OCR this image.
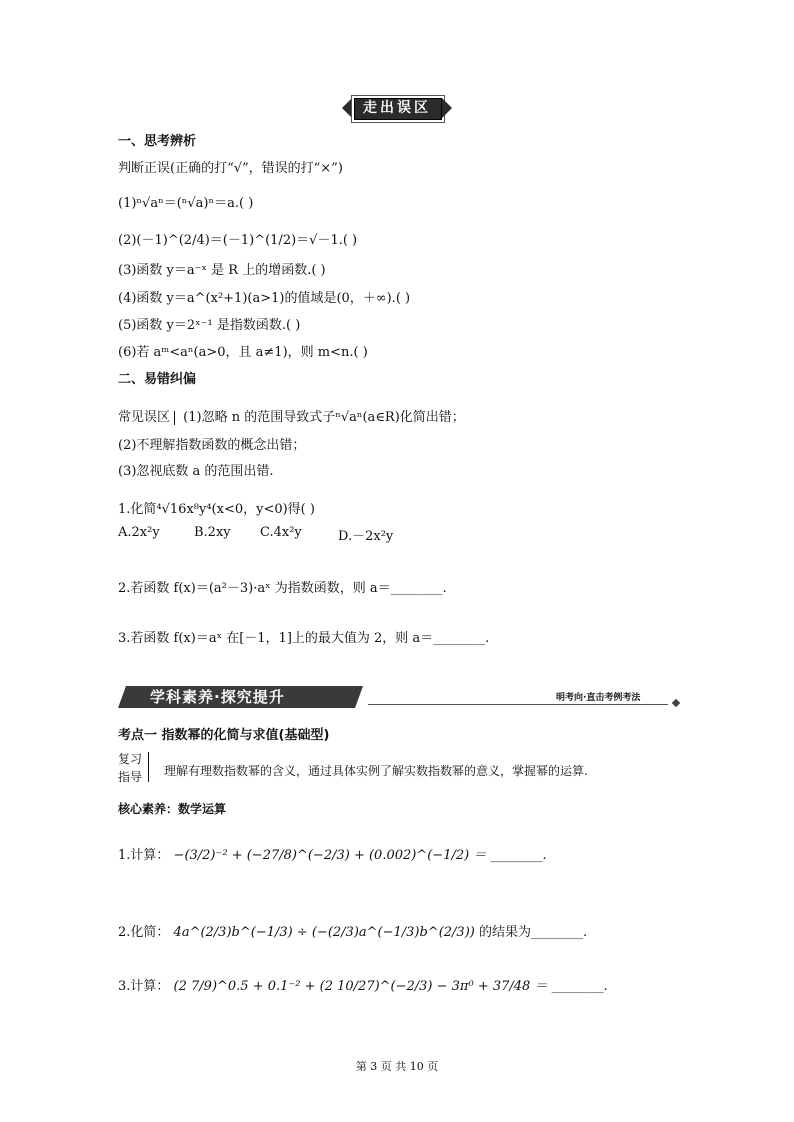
走出误区
一、思考辨析
判断正误(正确的打“√”，错误的打“×”)
(1)ⁿ√aⁿ＝(ⁿ√a)ⁿ＝a.( )
(2)(－1)^(2/4)＝(－1)^(1/2)＝√－1.( )
(3)函数 y＝a⁻ˣ 是 R 上的增函数.( )
(4)函数 y＝a^(x²+1)(a>1)的值域是(0，＋∞).( )
(5)函数 y＝2ˣ⁻¹ 是指数函数.( )
(6)若 aᵐ<aⁿ(a>0，且 a≠1)，则 m<n.( )
二、易错纠偏
常见误区 (1)忽略 n 的范围导致式子ⁿ√aⁿ(a∈R)化简出错；
(2)不理解指数函数的概念出错；
(3)忽视底数 a 的范围出错.
1.化简⁴√16x⁸y⁴(x<0，y<0)得( )
A.2x²y	B.2xy C.4x²y	D.－2x²y
2.若函数 f(x)＝(a²－3)·aˣ 为指数函数，则 a＝________.
3.若函数 f(x)＝aˣ 在[－1，1]上的最大值为 2，则 a＝________.
学科素养·探究提升	明考向·直击考例考法
考点一 指数幂的化简与求值(基础型)
复习
指导 理解有理数指数幂的含义，通过具体实例了解实数指数幂的意义，掌握幂的运算.
核心素养：数学运算
1.计算： −(3/2)⁻² + (−27/8)^(−2/3) + (0.002)^(−1/2) ＝ ________.
2.化简： 4a^(2/3)b^(−1/3) ÷ (−(2/3)a^(−1/3)b^(2/3)) 的结果为________.
3.计算： (2 7/9)^0.5 + 0.1⁻² + (2 10/27)^(−2/3) − 3π⁰ + 37/48 ＝ ________.
第 3 页 共 10 页
